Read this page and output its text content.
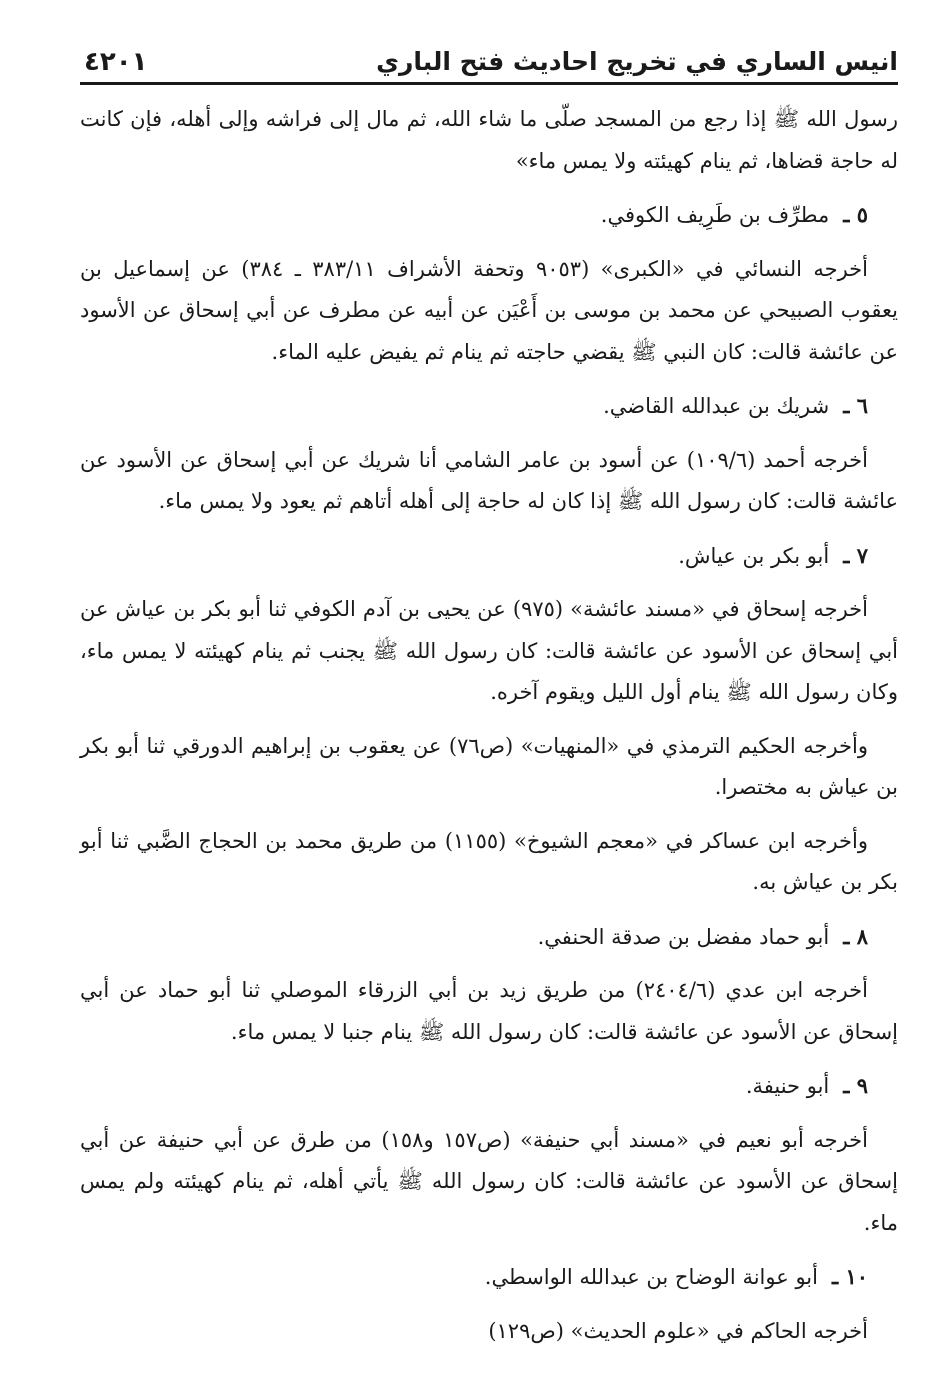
انيس الساري في تخريج احاديث فتح الباري
٤٢٠١

رسول الله ﷺ إذا رجع من المسجد صلّى ما شاء الله، ثم مال إلى فراشه وإلى أهله، فإن كانت له حاجة قضاها، ثم ينام كهيئته ولا يمس ماء»

٥ ـمطرِّف بن طَرِيف الكوفي.

أخرجه النسائي في «الكبرى» (٩٠٥٣ وتحفة الأشراف ٣٨٣/١١ ـ ٣٨٤) عن إسماعيل بن يعقوب الصبيحي عن محمد بن موسى بن أَعْيَن عن أبيه عن مطرف عن أبي إسحاق عن الأسود عن عائشة قالت: كان النبي ﷺ يقضي حاجته ثم ينام ثم يفيض عليه الماء.

٦ ـشريك بن عبدالله القاضي.

أخرجه أحمد (١٠٩/٦) عن أسود بن عامر الشامي أنا شريك عن أبي إسحاق عن الأسود عن عائشة قالت: كان رسول الله ﷺ إذا كان له حاجة إلى أهله أتاهم ثم يعود ولا يمس ماء.

٧ ـأبو بكر بن عياش.

أخرجه إسحاق في «مسند عائشة» (٩٧٥) عن يحيى بن آدم الكوفي ثنا أبو بكر بن عياش عن أبي إسحاق عن الأسود عن عائشة قالت: كان رسول الله ﷺ يجنب ثم ينام كهيئته لا يمس ماء، وكان رسول الله ﷺ ينام أول الليل ويقوم آخره.

وأخرجه الحكيم الترمذي في «المنهيات» (ص٧٦) عن يعقوب بن إبراهيم الدورقي ثنا أبو بكر بن عياش به مختصرا.

وأخرجه ابن عساكر في «معجم الشيوخ» (١١٥٥) من طريق محمد بن الحجاج الضَّبي ثنا أبو بكر بن عياش به.

٨ ـأبو حماد مفضل بن صدقة الحنفي.

أخرجه ابن عدي (٢٤٠٤/٦) من طريق زيد بن أبي الزرقاء الموصلي ثنا أبو حماد عن أبي إسحاق عن الأسود عن عائشة قالت: كان رسول الله ﷺ ينام جنبا لا يمس ماء.

٩ ـأبو حنيفة.

أخرجه أبو نعيم في «مسند أبي حنيفة» (ص١٥٧ و١٥٨) من طرق عن أبي حنيفة عن أبي إسحاق عن الأسود عن عائشة قالت: كان رسول الله ﷺ يأتي أهله، ثم ينام كهيئته ولم يمس ماء.

١٠ ـأبو عوانة الوضاح بن عبدالله الواسطي.

أخرجه الحاكم في «علوم الحديث» (ص١٢٩)
